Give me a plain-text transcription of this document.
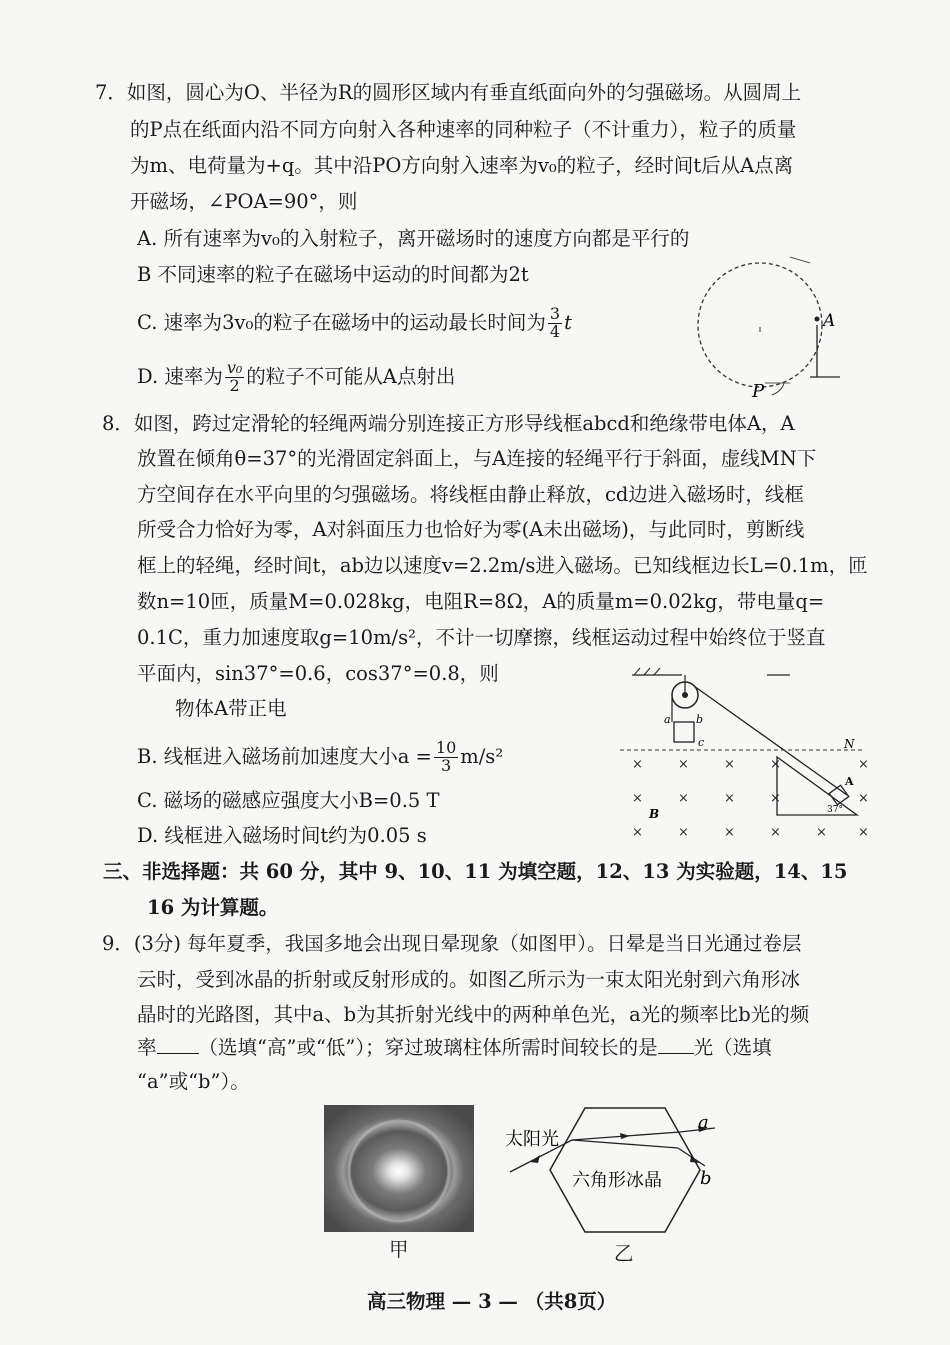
7．如图，圆心为O、半径为R的圆形区域内有垂直纸面向外的匀强磁场。从圆周上
的P点在纸面内沿不同方向射入各种速率的同种粒子（不计重力），粒子的质量
为m、电荷量为+q。其中沿PO方向射入速率为v₀的粒子，经时间t后从A点离
开磁场，∠POA=90°，则
A. 所有速率为v₀的入射粒子，离开磁场时的速度方向都是平行的
B 不同速率的粒子在磁场中运动的时间都为2t
C. 速率为3v₀的粒子在磁场中的运动最长时间为 $\frac{3}{4}$ t
D. 速率为 $\frac{\text{v₀}}{2}$ 的粒子不可能从A点射出
A
P
8．如图，跨过定滑轮的轻绳两端分别连接正方形导线框abcd和绝缘带电体A，A
放置在倾角θ=37°的光滑固定斜面上，与A连接的轻绳平行于斜面，虚线MN下
方空间存在水平向里的匀强磁场。将线框由静止释放，cd边进入磁场时，线框
所受合力恰好为零，A对斜面压力也恰好为零(A未出磁场)，与此同时，剪断线
框上的轻绳，经时间t，ab边以速度v=2.2m/s进入磁场。已知线框边长L=0.1m，匝
数n=10匝，质量M=0.028kg，电阻R=8Ω，A的质量m=0.02kg，带电量q=
0.1C，重力加速度取g=10m/s²，不计一切摩擦，线框运动过程中始终位于竖直
平面内，sin37°=0.6，cos37°=0.8，则
物体A带正电
B. 线框进入磁场前加速度大小$a = \frac{10}{3} m/s^2$
C. 磁场的磁感应强度大小B=0.5 T
D. 线框进入磁场时间t约为0.05 s
a b
c	N
A
37°
B
×	×	×	×	×
×	×	×	×	×
×	×	×	×	× ×
三、非选择题：共 60 分，其中 9、10、11 为填空题，12、13 为实验题，14、15
16 为计算题。
9．(3分) 每年夏季，我国多地会出现日晕现象（如图甲）。日晕是当日光通过卷层
云时，受到冰晶的折射或反射形成的。如图乙所示为一束太阳光射到六角形冰
晶时的光路图，其中a、b为其折射光线中的两种单色光，a光的频率比b光的频
率 （选填“高”或“低”）；穿过玻璃柱体所需时间较长的是 光（选填
“a”或“b”）。
甲
太阳光
a
b
六角形冰晶
乙
高三物理 — 3 — （共8页）
